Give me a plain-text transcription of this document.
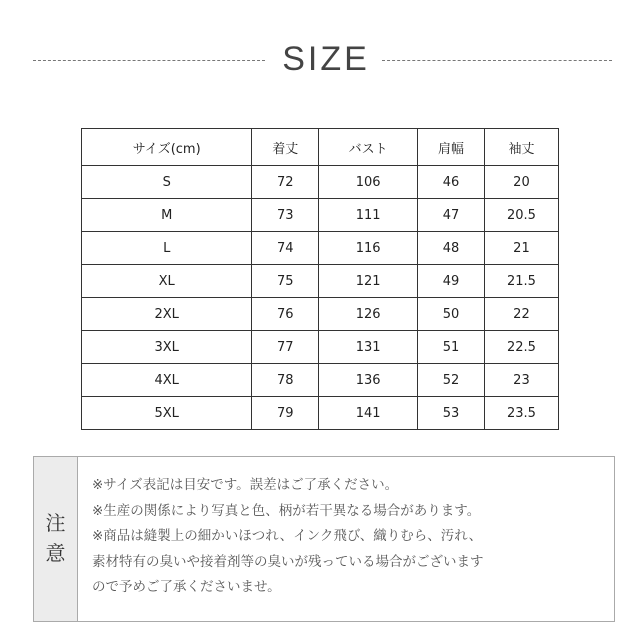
SIZE
サイズ(cm)	着丈	バスト	肩幅	袖丈
S	72	106	46	20
M	73	111	47	20.5
L	74	116	48	21
XL	75	121	49	21.5
2XL	76	126	50	22
3XL	77	131	51	22.5
4XL	78	136	52	23
5XL	79	141	53	23.5
注
意
※サイズ表記は目安です。誤差はご了承ください。
※生産の関係により写真と色、柄が若干異なる場合があります。
※商品は縫製上の細かいほつれ、インク飛び、織りむら、汚れ、
素材特有の臭いや接着剤等の臭いが残っている場合がございます
ので予めご了承くださいませ。
